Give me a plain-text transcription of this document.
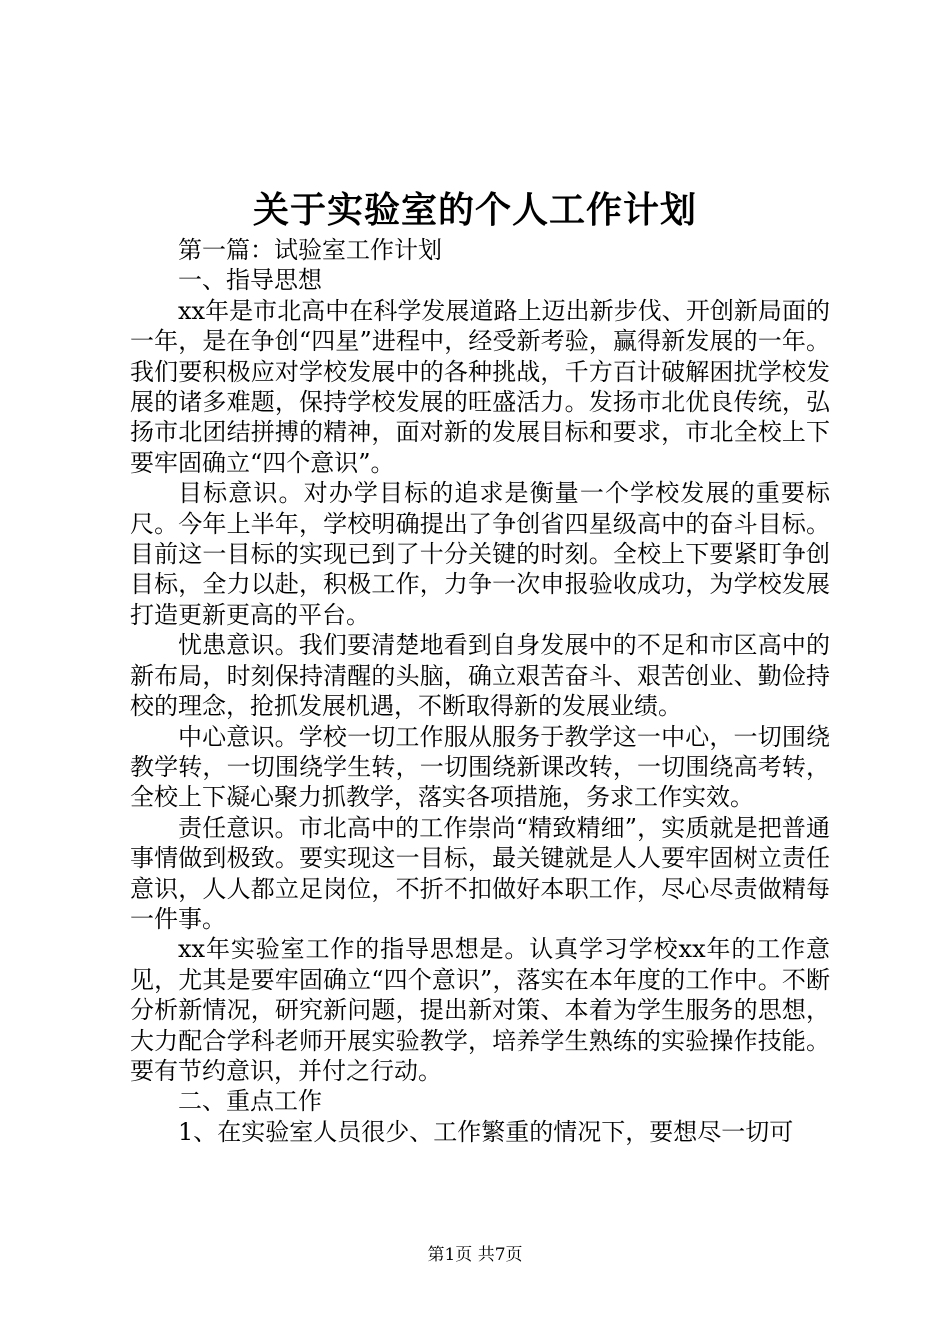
关于实验室的个人工作计划

第一篇：试验室工作计划

一、指导思想

xx年是市北高中在科学发展道路上迈出新步伐、开创新局面的一年，是在争创“四星”进程中，经受新考验，赢得新发展的一年。我们要积极应对学校发展中的各种挑战，千方百计破解困扰学校发展的诸多难题，保持学校发展的旺盛活力。发扬市北优良传统，弘扬市北团结拼搏的精神，面对新的发展目标和要求，市北全校上下要牢固确立“四个意识”。

目标意识。对办学目标的追求是衡量一个学校发展的重要标尺。今年上半年，学校明确提出了争创省四星级高中的奋斗目标。目前这一目标的实现已到了十分关键的时刻。全校上下要紧盯争创目标，全力以赴，积极工作，力争一次申报验收成功，为学校发展打造更新更高的平台。

忧患意识。我们要清楚地看到自身发展中的不足和市区高中的新布局，时刻保持清醒的头脑，确立艰苦奋斗、艰苦创业、勤俭持校的理念，抢抓发展机遇，不断取得新的发展业绩。

中心意识。学校一切工作服从服务于教学这一中心，一切围绕教学转，一切围绕学生转，一切围绕新课改转，一切围绕高考转，全校上下凝心聚力抓教学，落实各项措施，务求工作实效。

责任意识。市北高中的工作崇尚“精致精细”，实质就是把普通事情做到极致。要实现这一目标，最关键就是人人要牢固树立责任意识，人人都立足岗位，不折不扣做好本职工作，尽心尽责做精每一件事。

xx年实验室工作的指导思想是。认真学习学校xx年的工作意见，尤其是要牢固确立“四个意识”，落实在本年度的工作中。不断分析新情况，研究新问题，提出新对策、本着为学生服务的思想，大力配合学科老师开展实验教学，培养学生熟练的实验操作技能。要有节约意识，并付之行动。

二、重点工作

1、在实验室人员很少、工作繁重的情况下，要想尽一切可

第1页 共7页
